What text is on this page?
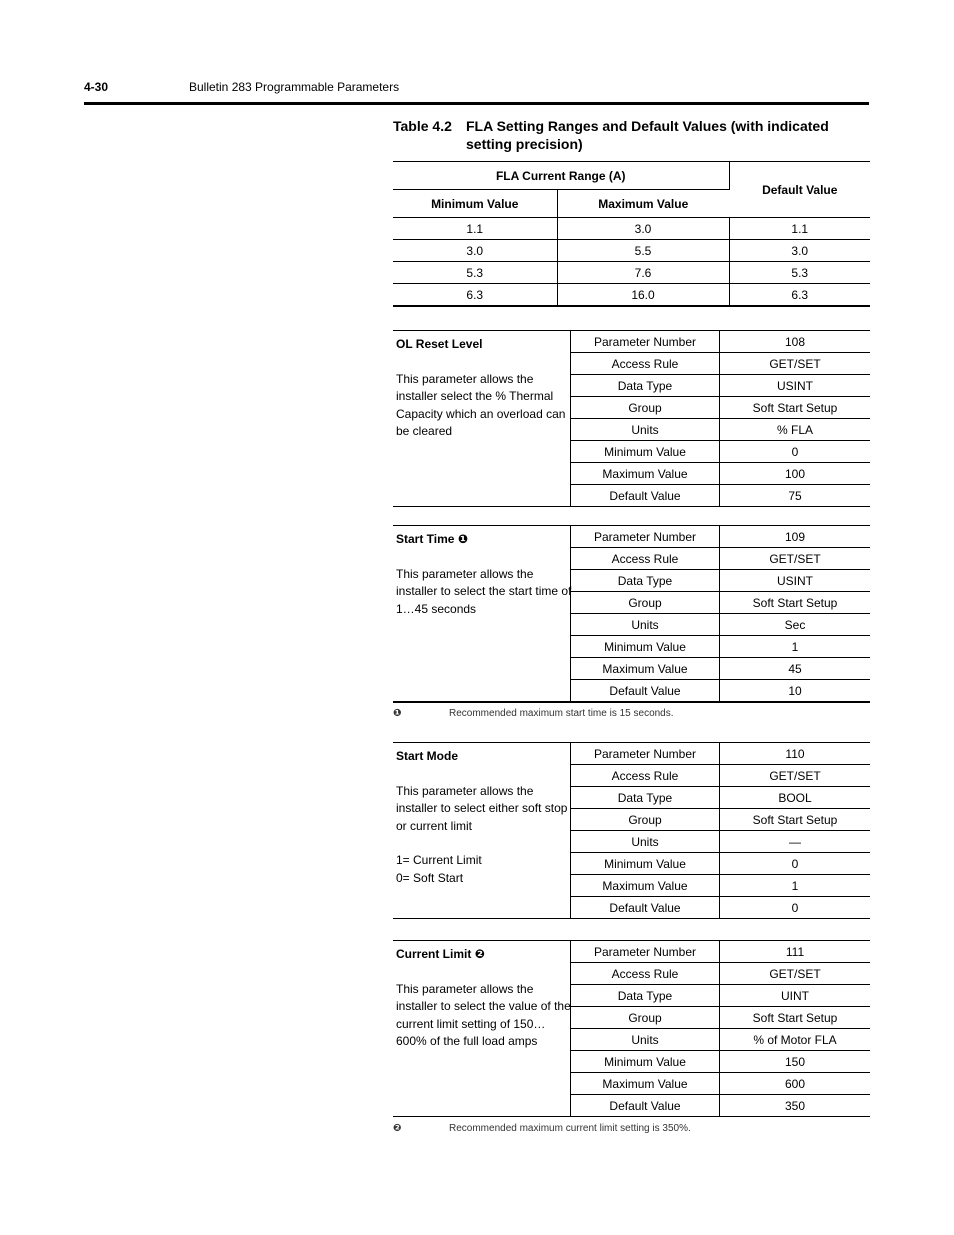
4-30	Bulletin 283 Programmable Parameters
Table 4.2 FLA Setting Ranges and Default Values (with indicated setting precision)
FLA Current Range (A)		Default Value
Minimum Value	Maximum Value	
1.1	3.0	1.1
3.0	5.5	3.0
5.3	7.6	5.3
6.3	16.0	6.3
OL Reset Level

This parameter allows the installer select the % Thermal Capacity which an overload can be cleared

Parameter Number	108
Access Rule	GET/SET
Data Type	USINT
Group	Soft Start Setup
Units	% FLA
Minimum Value	0
Maximum Value	100
Default Value	75
Start Time ❶

This parameter allows the installer to select the start time of 1…45 seconds

Parameter Number	109
Access Rule	GET/SET
Data Type	USINT
Group	Soft Start Setup
Units	Sec
Minimum Value	1
Maximum Value	45
Default Value	10
❶	Recommended maximum start time is 15 seconds.
Start Mode

This parameter allows the installer to select either soft stop or current limit

1= Current Limit

0= Soft Start

Parameter Number	110
Access Rule	GET/SET
Data Type	BOOL
Group	Soft Start Setup
Units	—
Minimum Value	0
Maximum Value	1
Default Value	0
Current Limit ❷

This parameter allows the installer to select the value of the current limit setting of 150…600% of the full load amps

Parameter Number	111
Access Rule	GET/SET
Data Type	UINT
Group	Soft Start Setup
Units	% of Motor FLA
Minimum Value	150
Maximum Value	600
Default Value	350
❷	Recommended maximum current limit setting is 350%.
